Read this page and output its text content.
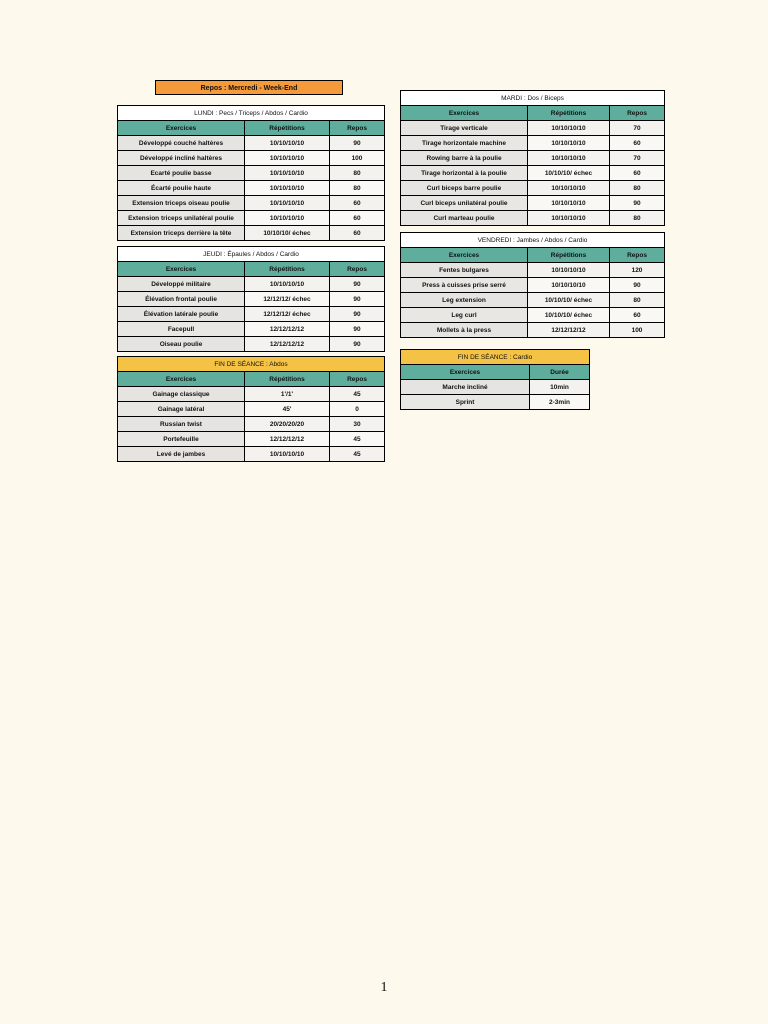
Repos : Mercredi - Week-End
LUNDI : Pecs / Triceps / Abdos / Cardio		
Exercices	Répétitions	Repos
Développé couché haltères	10/10/10/10	90
Développé incliné haltères	10/10/10/10	100
Ecarté poulie basse	10/10/10/10	80
Écarté poulie haute	10/10/10/10	80
Extension triceps oiseau poulie	10/10/10/10	60
Extension triceps unilatéral poulie	10/10/10/10	60
Extension triceps derrière la tête	10/10/10/ échec	60
MARDI : Dos / Biceps		
Exercices	Répétitions	Repos
Tirage verticale	10/10/10/10	70
Tirage horizontale machine	10/10/10/10	60
Rowing barre à la poulie	10/10/10/10	70
Tirage horizontal à la poulie	10/10/10/ échec	60
Curl biceps barre poulie	10/10/10/10	80
Curl biceps unilatéral poulie	10/10/10/10	90
Curl marteau poulie	10/10/10/10	80
JEUDI : Épaules / Abdos / Cardio		
Exercices	Répétitions	Repos
Développé militaire	10/10/10/10	90
Élévation frontal poulie	12/12/12/ échec	90
Élévation latérale poulie	12/12/12/ échec	90
Facepull	12/12/12/12	90
Oiseau poulie	12/12/12/12	90
VENDREDI : Jambes / Abdos / Cardio		
Exercices	Répétitions	Repos
Fentes bulgares	10/10/10/10	120
Press à cuisses prise serré	10/10/10/10	90
Leg extension	10/10/10/ échec	80
Leg curl	10/10/10/ échec	60
Mollets à la press	12/12/12/12	100
FIN DE SÉANCE : Abdos		
Exercices	Répétitions	Repos
Gainage classique	1'/1'	45
Gainage latéral	45'	0
Russian twist	20/20/20/20	30
Portefeuille	12/12/12/12	45
Levé de jambes	10/10/10/10	45
FIN DE SÉANCE : Cardio	
Exercices	Durée
Marche incliné	10min
Sprint	2-3min
1
